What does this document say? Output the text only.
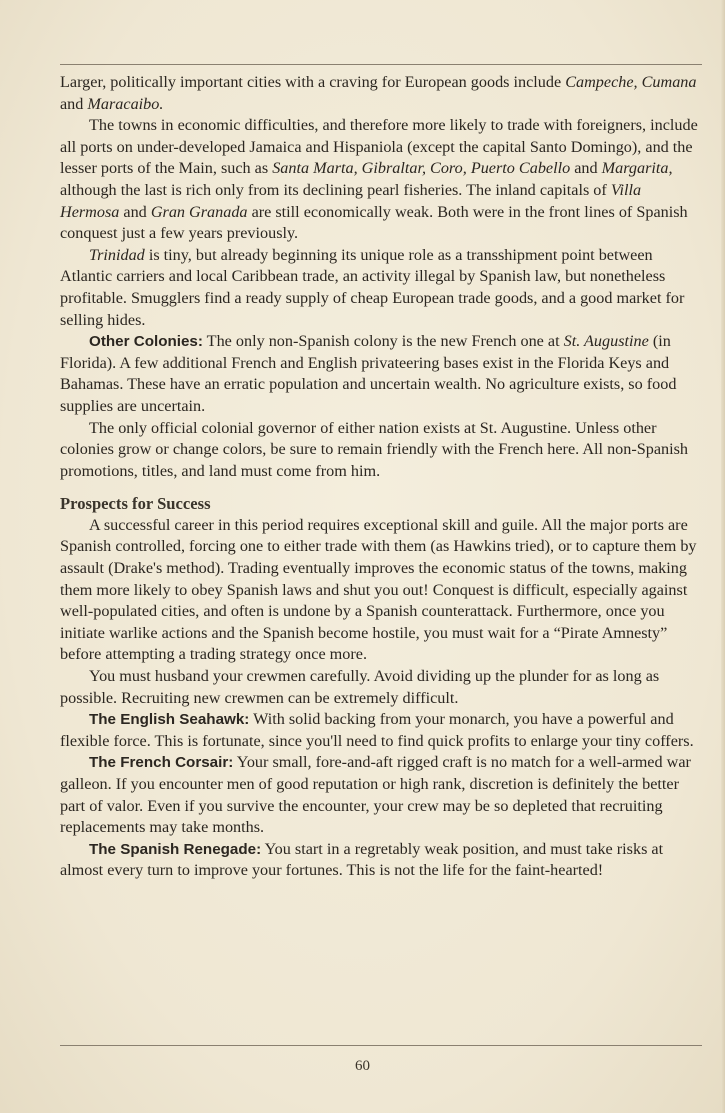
Larger, politically important cities with a craving for European goods include Campeche, Cumana and Maracaibo.

The towns in economic difficulties, and therefore more likely to trade with foreigners, include all ports on under-developed Jamaica and Hispaniola (except the capital Santo Domingo), and the lesser ports of the Main, such as Santa Marta, Gibraltar, Coro, Puerto Cabello and Margarita, although the last is rich only from its declining pearl fisheries. The inland capitals of Villa Hermosa and Gran Granada are still economically weak. Both were in the front lines of Spanish conquest just a few years previously.

Trinidad is tiny, but already beginning its unique role as a transshipment point between Atlantic carriers and local Caribbean trade, an activity illegal by Spanish law, but nonetheless profitable. Smugglers find a ready supply of cheap European trade goods, and a good market for selling hides.

Other Colonies: The only non-Spanish colony is the new French one at St. Augustine (in Florida). A few additional French and English privateering bases exist in the Florida Keys and Bahamas. These have an erratic population and uncertain wealth. No agriculture exists, so food supplies are uncertain.

The only official colonial governor of either nation exists at St. Augustine. Unless other colonies grow or change colors, be sure to remain friendly with the French here. All non-Spanish promotions, titles, and land must come from him.

Prospects for Success

A successful career in this period requires exceptional skill and guile. All the major ports are Spanish controlled, forcing one to either trade with them (as Hawkins tried), or to capture them by assault (Drake's method). Trading eventually improves the economic status of the towns, making them more likely to obey Spanish laws and shut you out! Conquest is difficult, especially against well-populated cities, and often is undone by a Spanish counterattack. Furthermore, once you initiate warlike actions and the Spanish become hostile, you must wait for a “Pirate Amnesty” before attempting a trading strategy once more.

You must husband your crewmen carefully. Avoid dividing up the plunder for as long as possible. Recruiting new crewmen can be extremely difficult.

The English Seahawk: With solid backing from your monarch, you have a powerful and flexible force. This is fortunate, since you'll need to find quick profits to enlarge your tiny coffers.

The French Corsair: Your small, fore-and-aft rigged craft is no match for a well-armed war galleon. If you encounter men of good reputation or high rank, discretion is definitely the better part of valor. Even if you survive the encounter, your crew may be so depleted that recruiting replacements may take months.

The Spanish Renegade: You start in a regretably weak position, and must take risks at almost every turn to improve your fortunes. This is not the life for the faint-hearted!

60
